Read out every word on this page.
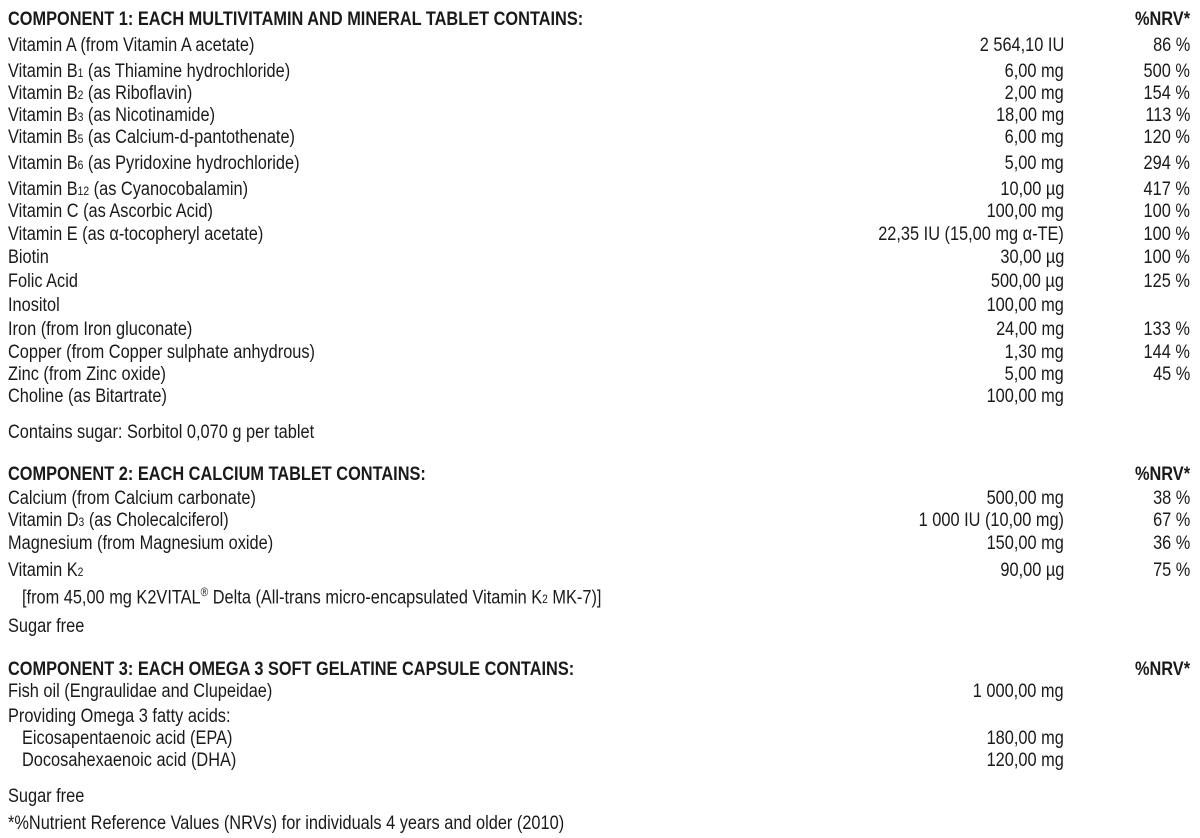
COMPONENT 1: EACH MULTIVITAMIN AND MINERAL TABLET CONTAINS:	%NRV*
Vitamin A (from Vitamin A acetate)	2 564,10 IU	86 %
Vitamin B1 (as Thiamine hydrochloride)	6,00 mg	500 %
Vitamin B2 (as Riboflavin)	2,00 mg	154 %
Vitamin B3 (as Nicotinamide)	18,00 mg	113 %
Vitamin B5 (as Calcium-d-pantothenate)	6,00 mg	120 %
Vitamin B6 (as Pyridoxine hydrochloride)	5,00 mg	294 %
Vitamin B12 (as Cyanocobalamin)	10,00 µg	417 %
Vitamin C (as Ascorbic Acid)	100,00 mg	100 %
Vitamin E (as α-tocopheryl acetate)	22,35 IU (15,00 mg α-TE)	100 %
Biotin	30,00 µg	100 %
Folic Acid	500,00 µg	125 %
Inositol	100,00 mg
Iron (from Iron gluconate)	24,00 mg	133 %
Copper (from Copper sulphate anhydrous)	1,30 mg	144 %
Zinc (from Zinc oxide)	5,00 mg	45 %
Choline (as Bitartrate)	100,00 mg
Contains sugar: Sorbitol 0,070 g per tablet
COMPONENT 2: EACH CALCIUM TABLET CONTAINS:	%NRV*
Calcium (from Calcium carbonate)	500,00 mg	38 %
Vitamin D3 (as Cholecalciferol)	1 000 IU (10,00 mg)	67 %
Magnesium (from Magnesium oxide)	150,00 mg	36 %
Vitamin K2	90,00 µg	75 %
[from 45,00 mg K2VITAL® Delta (All-trans micro-encapsulated Vitamin K2 MK-7)]
Sugar free
COMPONENT 3: EACH OMEGA 3 SOFT GELATINE CAPSULE CONTAINS:	%NRV*
Fish oil (Engraulidae and Clupeidae)	1 000,00 mg
Providing Omega 3 fatty acids:
Eicosapentaenoic acid (EPA)	180,00 mg
Docosahexaenoic acid (DHA)	120,00 mg
Sugar free
*%Nutrient Reference Values (NRVs) for individuals 4 years and older (2010)
